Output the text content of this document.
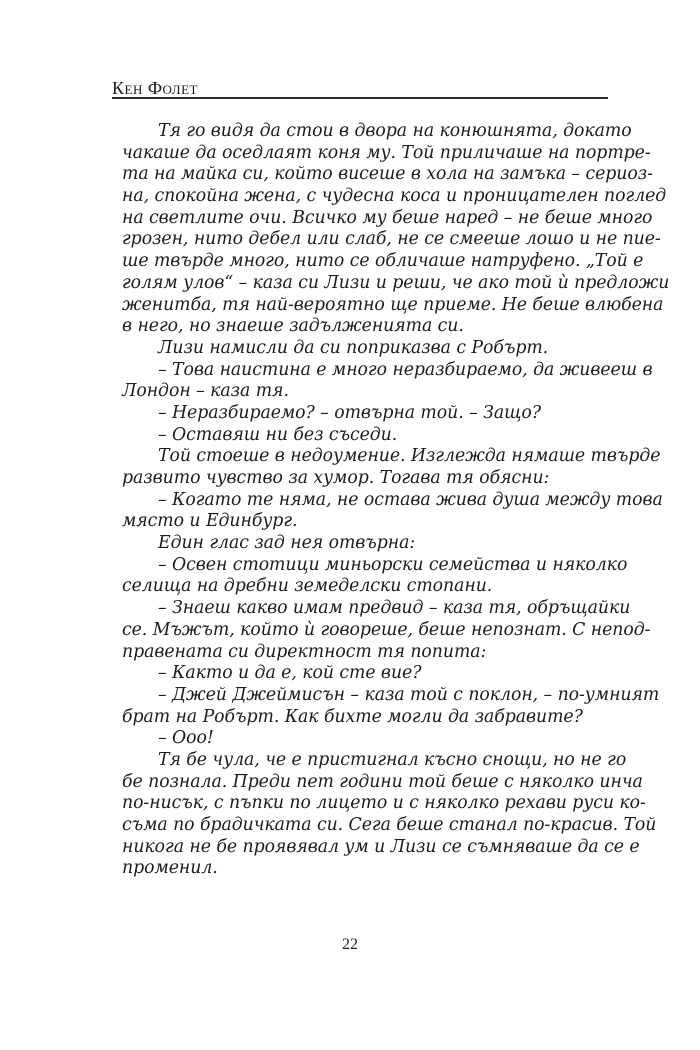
Кен Фолет
Тя го видя да стои в двора на конюшнята, докато
чакаше да оседлаят коня му. Той приличаше на портре-
та на майка си, който висеше в хола на замъка – сериоз-
на, спокойна жена, с чудесна коса и проницателен поглед
на светлите очи. Всичко му беше наред – не беше много
грозен, нито дебел или слаб, не се смееше лошо и не пие-
ше твърде много, нито се обличаше натруфено. „Той е
голям улов“ – каза си Лизи и реши, че ако той ѝ предложи
женитба, тя най-вероятно ще приеме. Не беше влюбена
в него, но знаеше задълженията си.
Лизи намисли да си поприказва с Робърт.
– Това наистина е много неразбираемо, да живееш в
Лондон – каза тя.
– Неразбираемо? – отвърна той. – Защо?
– Оставяш ни без съседи.
Той стоеше в недоумение. Изглежда нямаше твърде
развито чувство за хумор. Тогава тя обясни:
– Когато те няма, не остава жива душа между това
място и Единбург.
Един глас зад нея отвърна:
– Освен стотици миньорски семейства и няколко
селища на дребни земеделски стопани.
– Знаеш какво имам предвид – каза тя, обръщайки
се. Мъжът, който ѝ говореше, беше непознат. С непод-
правената си директност тя попита:
– Както и да е, кой сте вие?
– Джей Джеймисън – каза той с поклон, – по-умният
брат на Робърт. Как бихте могли да забравите?
– Ооо!
Тя бе чула, че е пристигнал късно снощи, но не го
бе познала. Преди пет години той беше с няколко инча
по-нисък, с пъпки по лицето и с няколко рехави руси ко-
съма по брадичката си. Сега беше станал по-красив. Той
никога не бе проявявал ум и Лизи се съмняваше да се е
променил.
22
